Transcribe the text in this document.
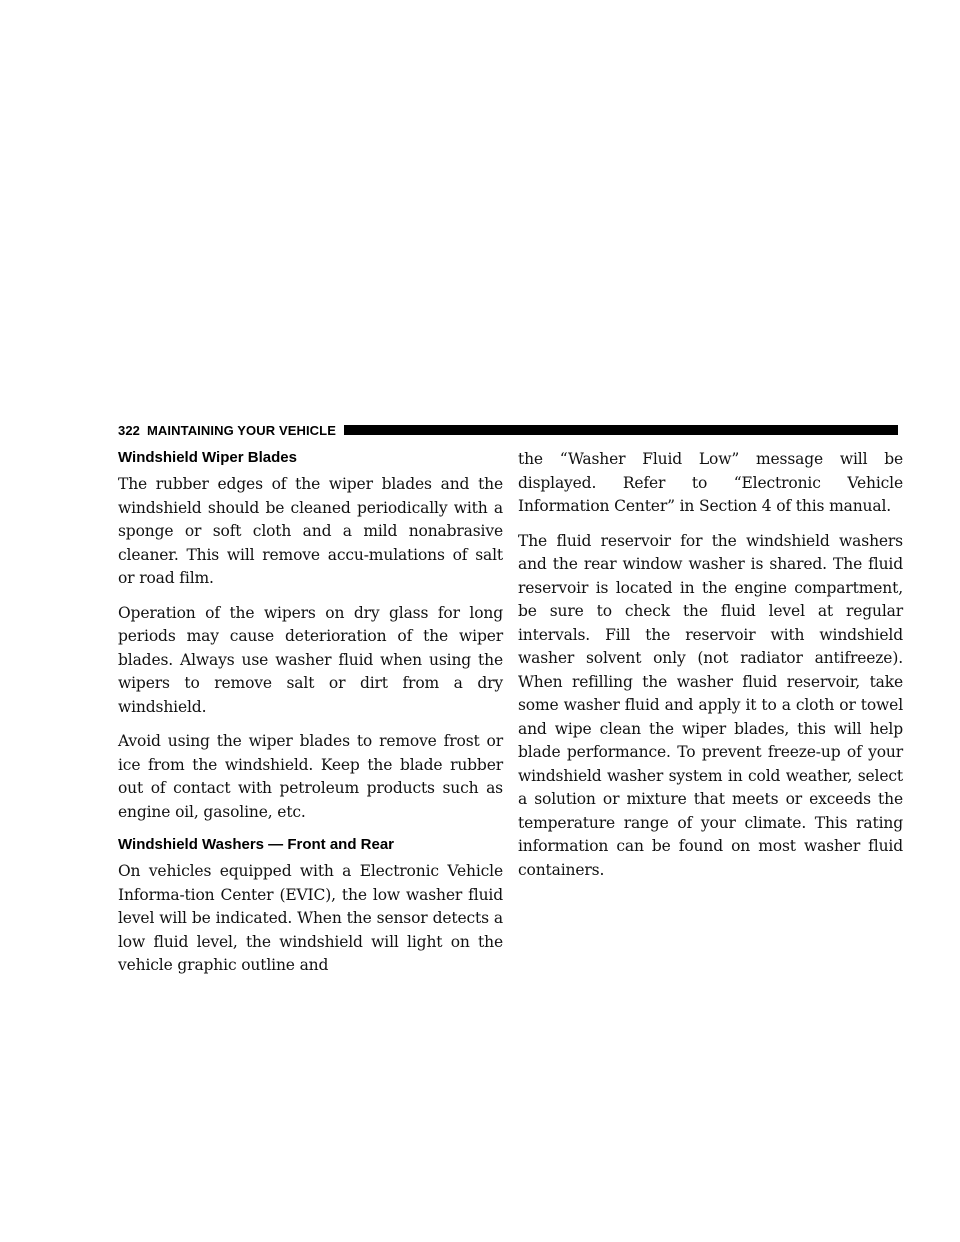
322 MAINTAINING YOUR VEHICLE
Windshield Wiper Blades

The rubber edges of the wiper blades and the windshield should be cleaned periodically with a sponge or soft cloth and a mild nonabrasive cleaner. This will remove accu-mulations of salt or road film.

Operation of the wipers on dry glass for long periods may cause deterioration of the wiper blades. Always use washer fluid when using the wipers to remove salt or dirt from a dry windshield.

Avoid using the wiper blades to remove frost or ice from the windshield. Keep the blade rubber out of contact with petroleum products such as engine oil, gasoline, etc.

Windshield Washers — Front and Rear

On vehicles equipped with a Electronic Vehicle Informa-tion Center (EVIC), the low washer fluid level will be indicated. When the sensor detects a low fluid level, the windshield will light on the vehicle graphic outline and

the “Washer Fluid Low” message will be displayed. Refer to “Electronic Vehicle Information Center” in Section 4 of this manual.

The fluid reservoir for the windshield washers and the rear window washer is shared. The fluid reservoir is located in the engine compartment, be sure to check the fluid level at regular intervals. Fill the reservoir with windshield washer solvent only (not radiator antifreeze). When refilling the washer fluid reservoir, take some washer fluid and apply it to a cloth or towel and wipe clean the wiper blades, this will help blade performance. To prevent freeze-up of your windshield washer system in cold weather, select a solution or mixture that meets or exceeds the temperature range of your climate. This rating information can be found on most washer fluid containers.
